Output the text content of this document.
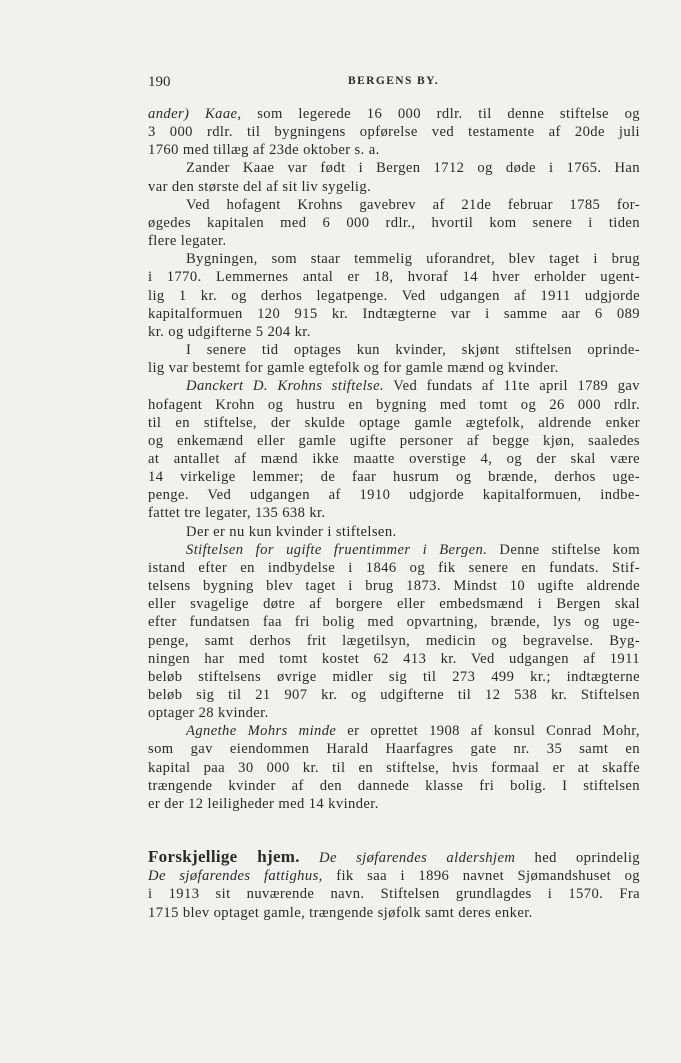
190	BERGENS BY.

ander) Kaae, som legerede 16 000 rdlr. til denne stiftelse og

3 000 rdlr. til bygningens opførelse ved testamente af 20de juli

1760 med tillæg af 23de oktober s. a.

Zander Kaae var født i Bergen 1712 og døde i 1765. Han

var den største del af sit liv sygelig.

Ved hofagent Krohns gavebrev af 21de februar 1785 for-

øgedes kapitalen med 6 000 rdlr., hvortil kom senere i tiden

flere legater.

Bygningen, som staar temmelig uforandret, blev taget i brug

i 1770. Lemmernes antal er 18, hvoraf 14 hver erholder ugent-

lig 1 kr. og derhos legatpenge. Ved udgangen af 1911 udgjorde

kapitalformuen 120 915 kr. Indtægterne var i samme aar 6 089

kr. og udgifterne 5 204 kr.

I senere tid optages kun kvinder, skjønt stiftelsen oprinde-

lig var bestemt for gamle egtefolk og for gamle mænd og kvinder.

Danckert D. Krohns stiftelse. Ved fundats af 11te april 1789 gav

hofagent Krohn og hustru en bygning med tomt og 26 000 rdlr.

til en stiftelse, der skulde optage gamle ægtefolk, aldrende enker

og enkemænd eller gamle ugifte personer af begge kjøn, saaledes

at antallet af mænd ikke maatte overstige 4, og der skal være

14 virkelige lemmer; de faar husrum og brænde, derhos uge-

penge. Ved udgangen af 1910 udgjorde kapitalformuen, indbe-

fattet tre legater, 135 638 kr.

Der er nu kun kvinder i stiftelsen.

Stiftelsen for ugifte fruentimmer i Bergen. Denne stiftelse kom

istand efter en indbydelse i 1846 og fik senere en fundats. Stif-

telsens bygning blev taget i brug 1873. Mindst 10 ugifte aldrende

eller svagelige døtre af borgere eller embedsmænd i Bergen skal

efter fundatsen faa fri bolig med opvartning, brænde, lys og uge-

penge, samt derhos frit lægetilsyn, medicin og begravelse. Byg-

ningen har med tomt kostet 62 413 kr. Ved udgangen af 1911

beløb stiftelsens øvrige midler sig til 273 499 kr.; indtægterne

beløb sig til 21 907 kr. og udgifterne til 12 538 kr. Stiftelsen

optager 28 kvinder.

Agnethe Mohrs minde er oprettet 1908 af konsul Conrad Mohr,

som gav eiendommen Harald Haarfagres gate nr. 35 samt en

kapital paa 30 000 kr. til en stiftelse, hvis formaal er at skaffe

trængende kvinder af den dannede klasse fri bolig. I stiftelsen

er der 12 leiligheder med 14 kvinder.

Forskjellige hjem. De sjøfarendes aldershjem hed oprindelig

De sjøfarendes fattighus, fik saa i 1896 navnet Sjømandshuset og

i 1913 sit nuværende navn. Stiftelsen grundlagdes i 1570. Fra

1715 blev optaget gamle, trængende sjøfolk samt deres enker.
